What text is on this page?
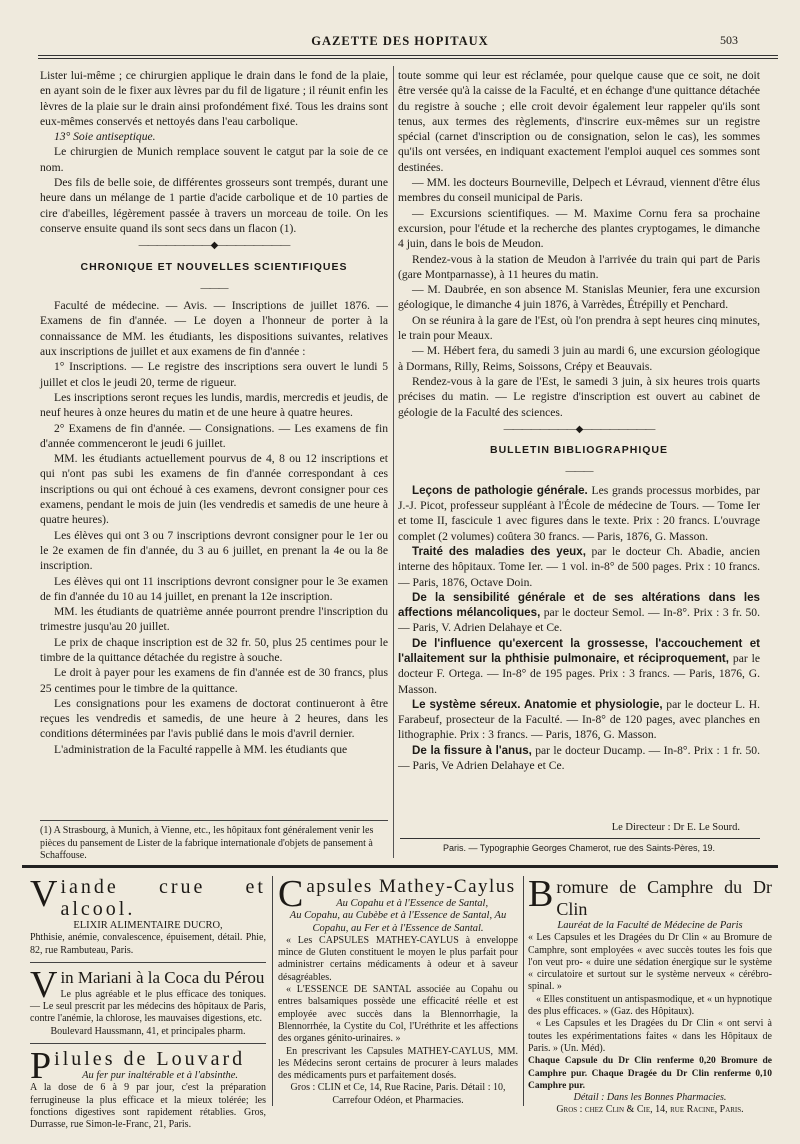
GAZETTE DES HOPITAUX	503

Lister lui-même ; ce chirurgien applique le drain dans le fond de la plaie, en ayant soin de le fixer aux lèvres par du fil de ligature ; il réunit enfin les lèvres de la plaie sur le drain ainsi profondément fixé. Tous les drains sont eux-mêmes conservés et nettoyés dans l'eau carbolique.

13° Soie antiseptique.

Le chirurgien de Munich remplace souvent le catgut par la soie de ce nom.

Des fils de belle soie, de différentes grosseurs sont trempés, durant une heure dans un mélange de 1 partie d'acide carbolique et de 10 parties de cire d'abeilles, légèrement passée à travers un morceau de toile. On les conserve ensuite quand ils sont secs dans un flacon (1).

————————◆————————
CHRONIQUE ET NOUVELLES SCIENTIFIQUES
———

Faculté de médecine. — Avis. — Inscriptions de juillet 1876. — Examens de fin d'année. — Le doyen a l'honneur de porter à la connaissance de MM. les étudiants, les dispositions suivantes, relatives aux inscriptions de juillet et aux examens de fin d'année :

1° Inscriptions. — Le registre des inscriptions sera ouvert le lundi 5 juillet et clos le jeudi 20, terme de rigueur.

Les inscriptions seront reçues les lundis, mardis, mercredis et jeudis, de neuf heures à onze heures du matin et de une heure à quatre heures.

2° Examens de fin d'année. — Consignations. — Les examens de fin d'année commenceront le jeudi 6 juillet.

MM. les étudiants actuellement pourvus de 4, 8 ou 12 inscriptions et qui n'ont pas subi les examens de fin d'année correspondant à ces inscriptions ou qui ont échoué à ces examens, devront consigner pour ces examens, pendant le mois de juin (les vendredis et samedis de une heure à quatre heures).

Les élèves qui ont 3 ou 7 inscriptions devront consigner pour le 1er ou le 2e examen de fin d'année, du 3 au 6 juillet, en prenant la 4e ou la 8e inscription.

Les élèves qui ont 11 inscriptions devront consigner pour le 3e examen de fin d'année du 10 au 14 juillet, en prenant la 12e inscription.

MM. les étudiants de quatrième année pourront prendre l'inscription du trimestre jusqu'au 20 juillet.

Le prix de chaque inscription est de 32 fr. 50, plus 25 centimes pour le timbre de la quittance détachée du registre à souche.

Le droit à payer pour les examens de fin d'année est de 30 francs, plus 25 centimes pour le timbre de la quittance.

Les consignations pour les examens de doctorat continueront à être reçues les vendredis et samedis, de une heure à 2 heures, dans les conditions déterminées par l'avis publié dans le mois d'avril dernier.

L'administration de la Faculté rappelle à MM. les étudiants que

(1) A Strasbourg, à Munich, à Vienne, etc., les hôpitaux font généralement venir les pièces du pansement de Lister de la fabrique internationale d'objets de pansement à Schaffouse.

toute somme qui leur est réclamée, pour quelque cause que ce soit, ne doit être versée qu'à la caisse de la Faculté, et en échange d'une quittance détachée du registre à souche ; elle croit devoir également leur rappeler qu'ils sont tenus, aux termes des règlements, d'inscrire eux-mêmes sur un registre spécial (carnet d'inscription ou de consignation, selon le cas), les sommes qu'ils ont versées, en indiquant exactement l'emploi auquel ces sommes sont destinées.

— MM. les docteurs Bourneville, Delpech et Lévraud, viennent d'être élus membres du conseil municipal de Paris.

— Excursions scientifiques. — M. Maxime Cornu fera sa prochaine excursion, pour l'étude et la recherche des plantes cryptogames, le dimanche 4 juin, dans le bois de Meudon.

Rendez-vous à la station de Meudon à l'arrivée du train qui part de Paris (gare Montparnasse), à 11 heures du matin.

— M. Daubrée, en son absence M. Stanislas Meunier, fera une excursion géologique, le dimanche 4 juin 1876, à Varrèdes, Étrépilly et Penchard.

On se réunira à la gare de l'Est, où l'on prendra à sept heures cinq minutes, le train pour Meaux.

— M. Hébert fera, du samedi 3 juin au mardi 6, une excursion géologique à Dormans, Rilly, Reims, Soissons, Crépy et Beauvais.

Rendez-vous à la gare de l'Est, le samedi 3 juin, à six heures trois quarts précises du matin. — Le registre d'inscription est ouvert au cabinet de géologie de la Faculté des sciences.

————————◆————————
BULLETIN BIBLIOGRAPHIQUE
———

Leçons de pathologie générale. Les grands processus morbides, par J.-J. Picot, professeur suppléant à l'École de médecine de Tours. — Tome Ier et tome II, fascicule 1 avec figures dans le texte. Prix : 20 francs. L'ouvrage complet (2 volumes) coûtera 30 francs. — Paris, 1876, G. Masson.

Traité des maladies des yeux, par le docteur Ch. Abadie, ancien interne des hôpitaux. Tome Ier. — 1 vol. in-8° de 500 pages. Prix : 10 francs. — Paris, 1876, Octave Doin.

De la sensibilité générale et de ses altérations dans les affections mélancoliques, par le docteur Semol. — In-8°. Prix : 3 fr. 50. — Paris, V. Adrien Delahaye et Ce.

De l'influence qu'exercent la grossesse, l'accouchement et l'allaitement sur la phthisie pulmonaire, et réciproquement, par le docteur F. Ortega. — In-8° de 195 pages. Prix : 3 francs. — Paris, 1876, G. Masson.

Le système séreux. Anatomie et physiologie, par le docteur L. H. Farabeuf, prosecteur de la Faculté. — In-8° de 120 pages, avec planches en lithographie. Prix : 3 francs. — Paris, 1876, G. Masson.

De la fissure à l'anus, par le docteur Ducamp. — In-8°. Prix : 1 fr. 50. — Paris, Ve Adrien Delahaye et Ce.

Le Directeur : Dr E. Le Sourd.
Paris. — Typographie Georges Chamerot, rue des Saints-Pères, 19.
V iande crue et alcool.
ELIXIR ALIMENTAIRE DUCRO,
Phthisie, anémie, convalescence, épuisement, détail. Phie, 82, rue Rambuteau, Paris.
V in Mariani à la Coca du Pérou
Le plus agréable et le plus efficace des toniques. — Le seul prescrit par les médecins des hôpitaux de Paris, contre l'anémie, la chlorose, les mauvaises digestions, etc.
Boulevard Haussmann, 41, et principales pharm.
P ilules de Louvard
Au fer pur inaltérable et à l'absinthe.
A la dose de 6 à 9 par jour, c'est la préparation ferrugineuse la plus efficace et la mieux tolérée; les fonctions digestives sont rapidement rétablies. Gros, Durrasse, rue Simon-le-Franc, 21, Paris.
C apsules Mathey-Caylus
Au Copahu et à l'Essence de Santal,
Au Copahu, au Cubèbe et à l'Essence de Santal, Au Copahu, au Fer et à l'Essence de Santal.
« Les CAPSULES MATHEY-CAYLUS à enveloppe mince de Gluten constituent le moyen le plus parfait pour administrer certains médicaments à odeur et à saveur désagréables.
« L'ESSENCE DE SANTAL associée au Copahu ou entres balsamiques possède une efficacité réelle et est employée avec succès dans la Blennorrhagie, la Blennorrhée, la Cystite du Col, l'Uréthrite et les affections des organes génito-urinaires. »
En prescrivant les Capsules MATHEY-CAYLUS, MM. les Médecins seront certains de procurer à leurs malades des médicaments purs et parfaitement dosés.
Gros : CLIN et Ce, 14, Rue Racine, Paris. Détail : 10, Carrefour Odéon, et Pharmacies.
B romure de Camphre du Dr Clin
Lauréat de la Faculté de Médecine de Paris
« Les Capsules et les Dragées du Dr Clin « au Bromure de Camphre, sont employées « avec succès toutes les fois que l'on veut pro- « duire une sédation énergique sur le système « circulatoire et surtout sur le système nerveux « cérébro-spinal. »
« Elles constituent un antispasmodique, et « un hypnotique des plus efficaces. » (Gaz. des Hôpitaux).
« Les Capsules et les Dragées du Dr Clin « ont servi à toutes les expérimentations faites « dans les Hôpitaux de Paris. » (Un. Méd).
Chaque Capsule du Dr Clin renferme 0,20 Bromure de Camphre pur. Chaque Dragée du Dr Clin renferme 0,10 Camphre pur.
Détail : Dans les Bonnes Pharmacies.
Gros : chez Clin & Cie, 14, rue Racine, Paris.
